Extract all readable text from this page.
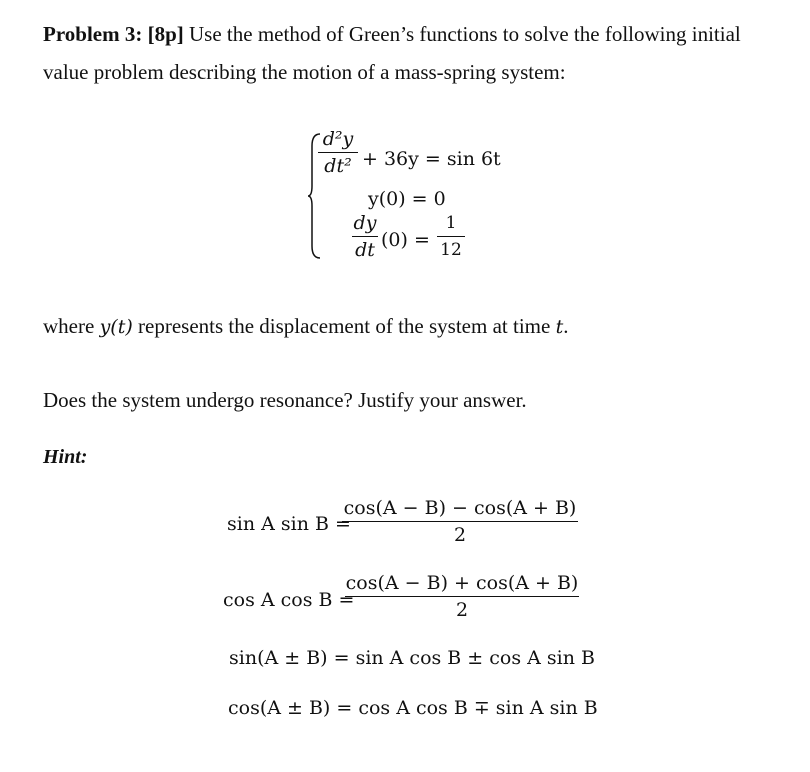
Problem 3: [8p] Use the method of Green’s functions to solve the following initial
value problem describing the motion of a mass-spring system:
d²y
dt² + 36y = sin 6t
y(0) = 0
dy
dt (0) =
1
12
where y(t) represents the displacement of the system at time t.
Does the system undergo resonance? Justify your answer.
Hint:
sin A sin B =
cos(A − B) − cos(A + B)
2
cos A cos B =
cos(A − B) + cos(A + B)
2
sin(A ± B) = sin A cos B ± cos A sin B
cos(A ± B) = cos A cos B ∓ sin A sin B
